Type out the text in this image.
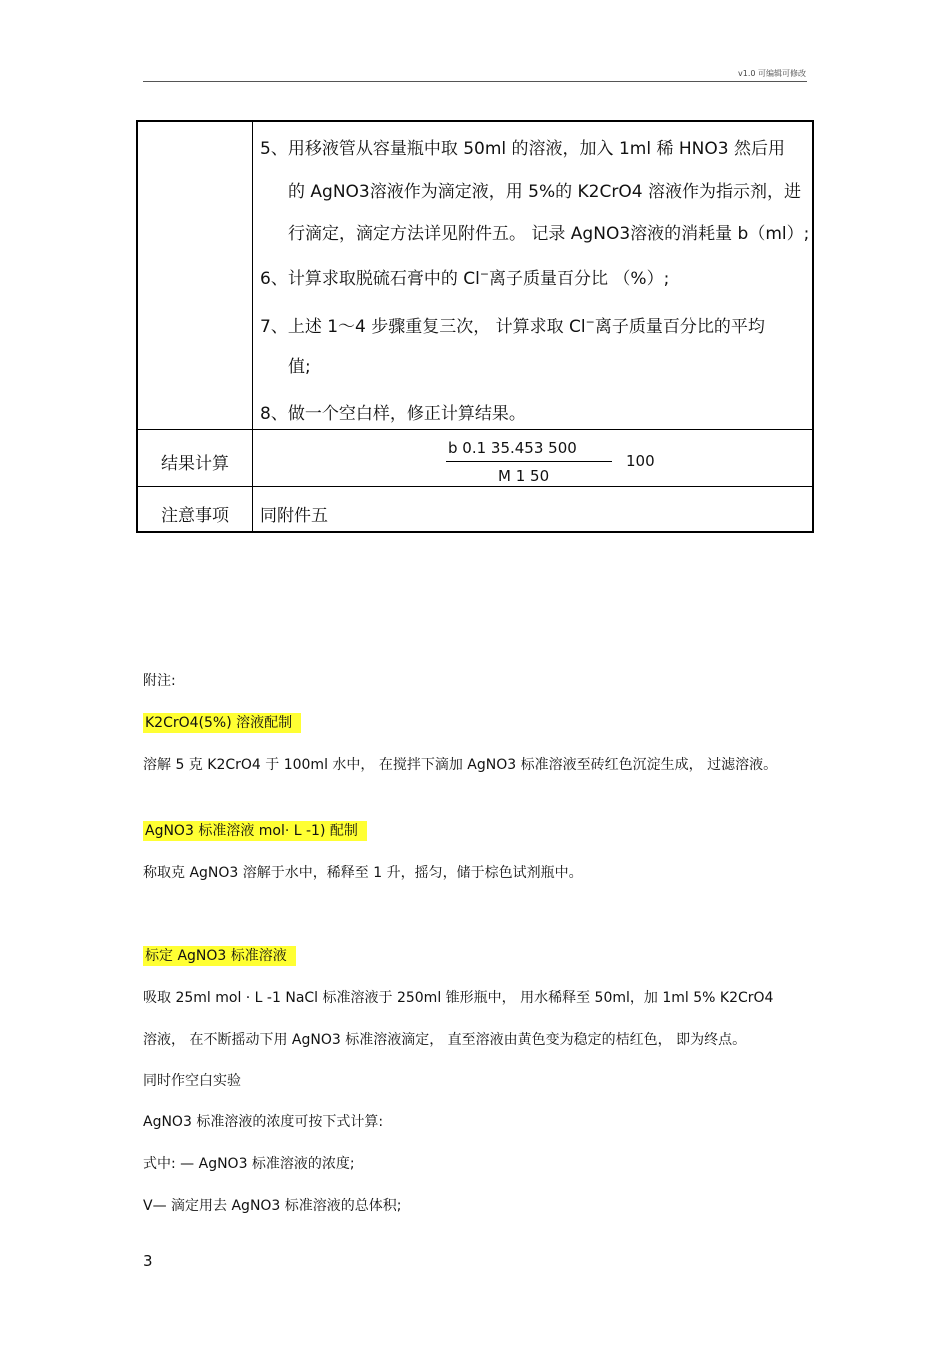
v1.0 可编辑可修改
5、用移液管从容量瓶中取 50ml 的溶液，加入 1ml 稀 HNO3 然后用
的 AgNO3溶液作为滴定液，用 5%的 K2CrO4 溶液作为指示剂，进
行滴定，滴定方法详见附件五。 记录 AgNO3溶液的消耗量 b（ml）;
6、计算求取脱硫石膏中的 Cl−离子质量百分比 （%）;
7、上述 1～4 步骤重复三次， 计算求取 Cl−离子质量百分比的平均
值;
8、做一个空白样，修正计算结果。
结果计算
b 0.1 35.453 500
M 1 50
100
注意事项	同附件五
附注:
K2CrO4(5%) 溶液配制
溶解 5 克 K2CrO4 于 100ml 水中， 在搅拌下滴加 AgNO3 标准溶液至砖红色沉淀生成， 过滤溶液。
AgNO3 标准溶液 mol· L -1) 配制
称取克 AgNO3 溶解于水中，稀释至 1 升，摇匀，储于棕色试剂瓶中。
标定 AgNO3 标准溶液
吸取 25ml mol · L -1 NaCl 标准溶液于 250ml 锥形瓶中， 用水稀释至 50ml，加 1ml 5% K2CrO4
溶液， 在不断摇动下用 AgNO3 标准溶液滴定， 直至溶液由黄色变为稳定的桔红色， 即为终点。
同时作空白实验
AgNO3 标准溶液的浓度可按下式计算:
式中: — AgNO3 标准溶液的浓度;
V— 滴定用去 AgNO3 标准溶液的总体积;
3
